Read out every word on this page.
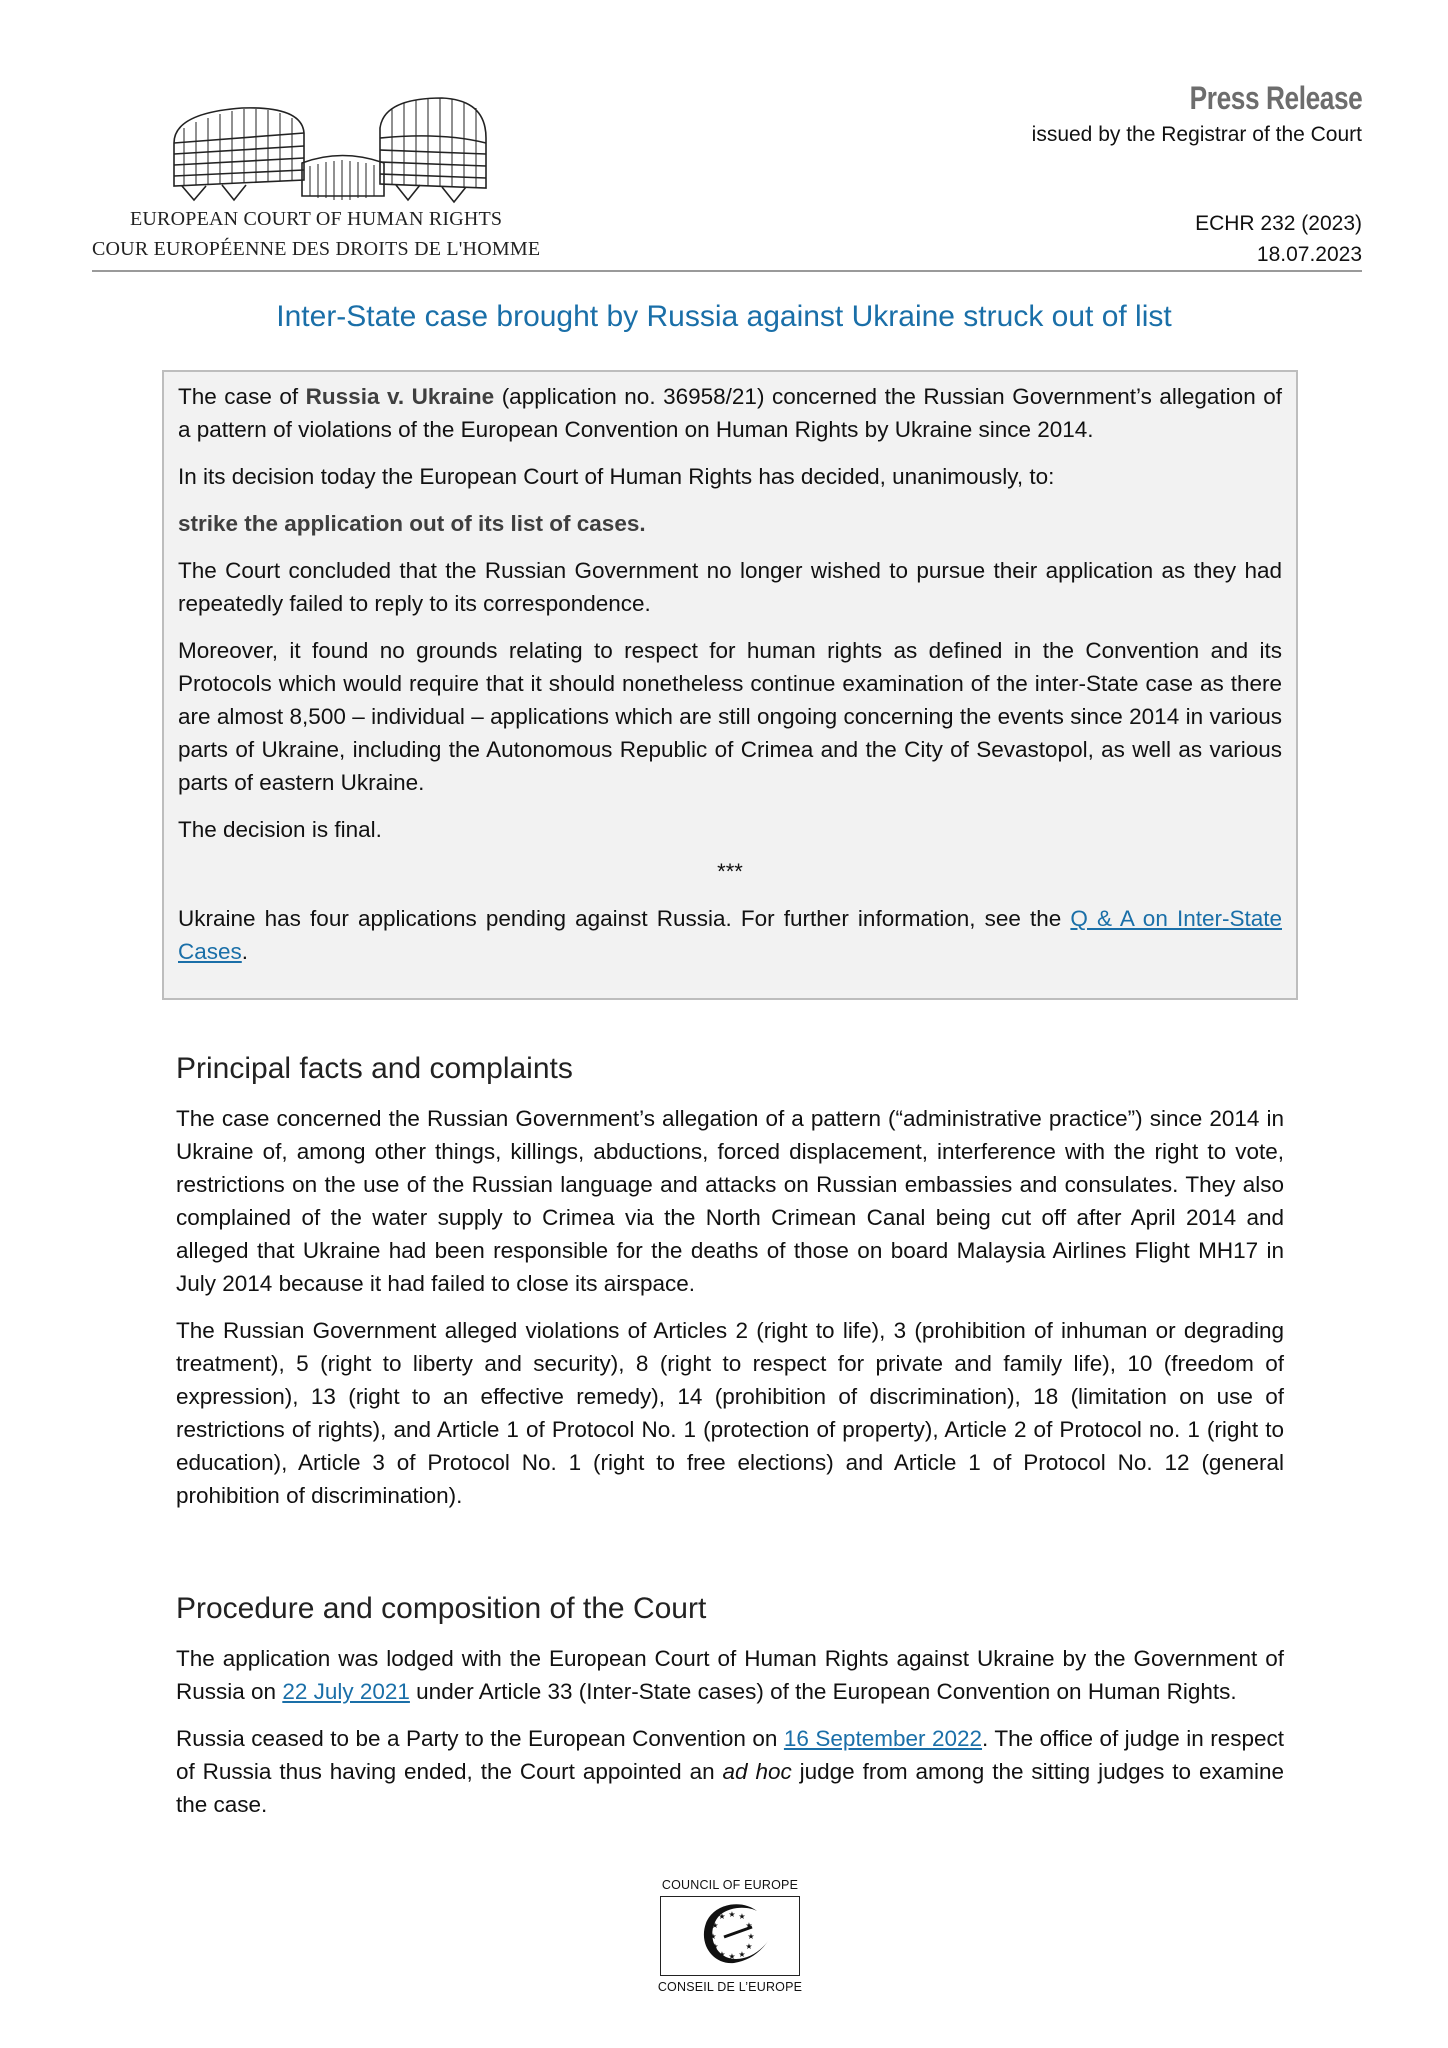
EUROPEAN COURT OF HUMAN RIGHTS
COUR EUROPÉENNE DES DROITS DE L'HOMME
Press Release
issued by the Registrar of the Court
ECHR 232 (2023)
18.07.2023
Inter-State case brought by Russia against Ukraine struck out of list

The case of Russia v. Ukraine (application no. 36958/21) concerned the Russian Government’s allegation of a pattern of violations of the European Convention on Human Rights by Ukraine since 2014.

In its decision today the European Court of Human Rights has decided, unanimously, to:

strike the application out of its list of cases.

The Court concluded that the Russian Government no longer wished to pursue their application as they had repeatedly failed to reply to its correspondence.

Moreover, it found no grounds relating to respect for human rights as defined in the Convention and its Protocols which would require that it should nonetheless continue examination of the inter-State case as there are almost 8,500 – individual – applications which are still ongoing concerning the events since 2014 in various parts of Ukraine, including the Autonomous Republic of Crimea and the City of Sevastopol, as well as various parts of eastern Ukraine.

The decision is final.

***

Ukraine has four applications pending against Russia. For further information, see the Q & A on Inter-State Cases.

Principal facts and complaints

The case concerned the Russian Government’s allegation of a pattern (“administrative practice”) since 2014 in Ukraine of, among other things, killings, abductions, forced displacement, interference with the right to vote, restrictions on the use of the Russian language and attacks on Russian embassies and consulates. They also complained of the water supply to Crimea via the North Crimean Canal being cut off after April 2014 and alleged that Ukraine had been responsible for the deaths of those on board Malaysia Airlines Flight MH17 in July 2014 because it had failed to close its airspace.

The Russian Government alleged violations of Articles 2 (right to life), 3 (prohibition of inhuman or degrading treatment), 5 (right to liberty and security), 8 (right to respect for private and family life), 10 (freedom of expression), 13 (right to an effective remedy), 14 (prohibition of discrimination), 18 (limitation on use of restrictions of rights), and Article 1 of Protocol No. 1 (protection of property), Article 2 of Protocol no. 1 (right to education), Article 3 of Protocol No. 1 (right to free elections) and Article 1 of Protocol No. 12 (general prohibition of discrimination).

Procedure and composition of the Court

The application was lodged with the European Court of Human Rights against Ukraine by the Government of Russia on 22 July 2021 under Article 33 (Inter-State cases) of the European Convention on Human Rights.

Russia ceased to be a Party to the European Convention on 16 September 2022. The office of judge in respect of Russia thus having ended, the Court appointed an ad hoc judge from among the sitting judges to examine the case.

COUNCIL OF EUROPE
★
★ ★
★	★
★	★
★	★
★ ★
★
CONSEIL DE L’EUROPE
